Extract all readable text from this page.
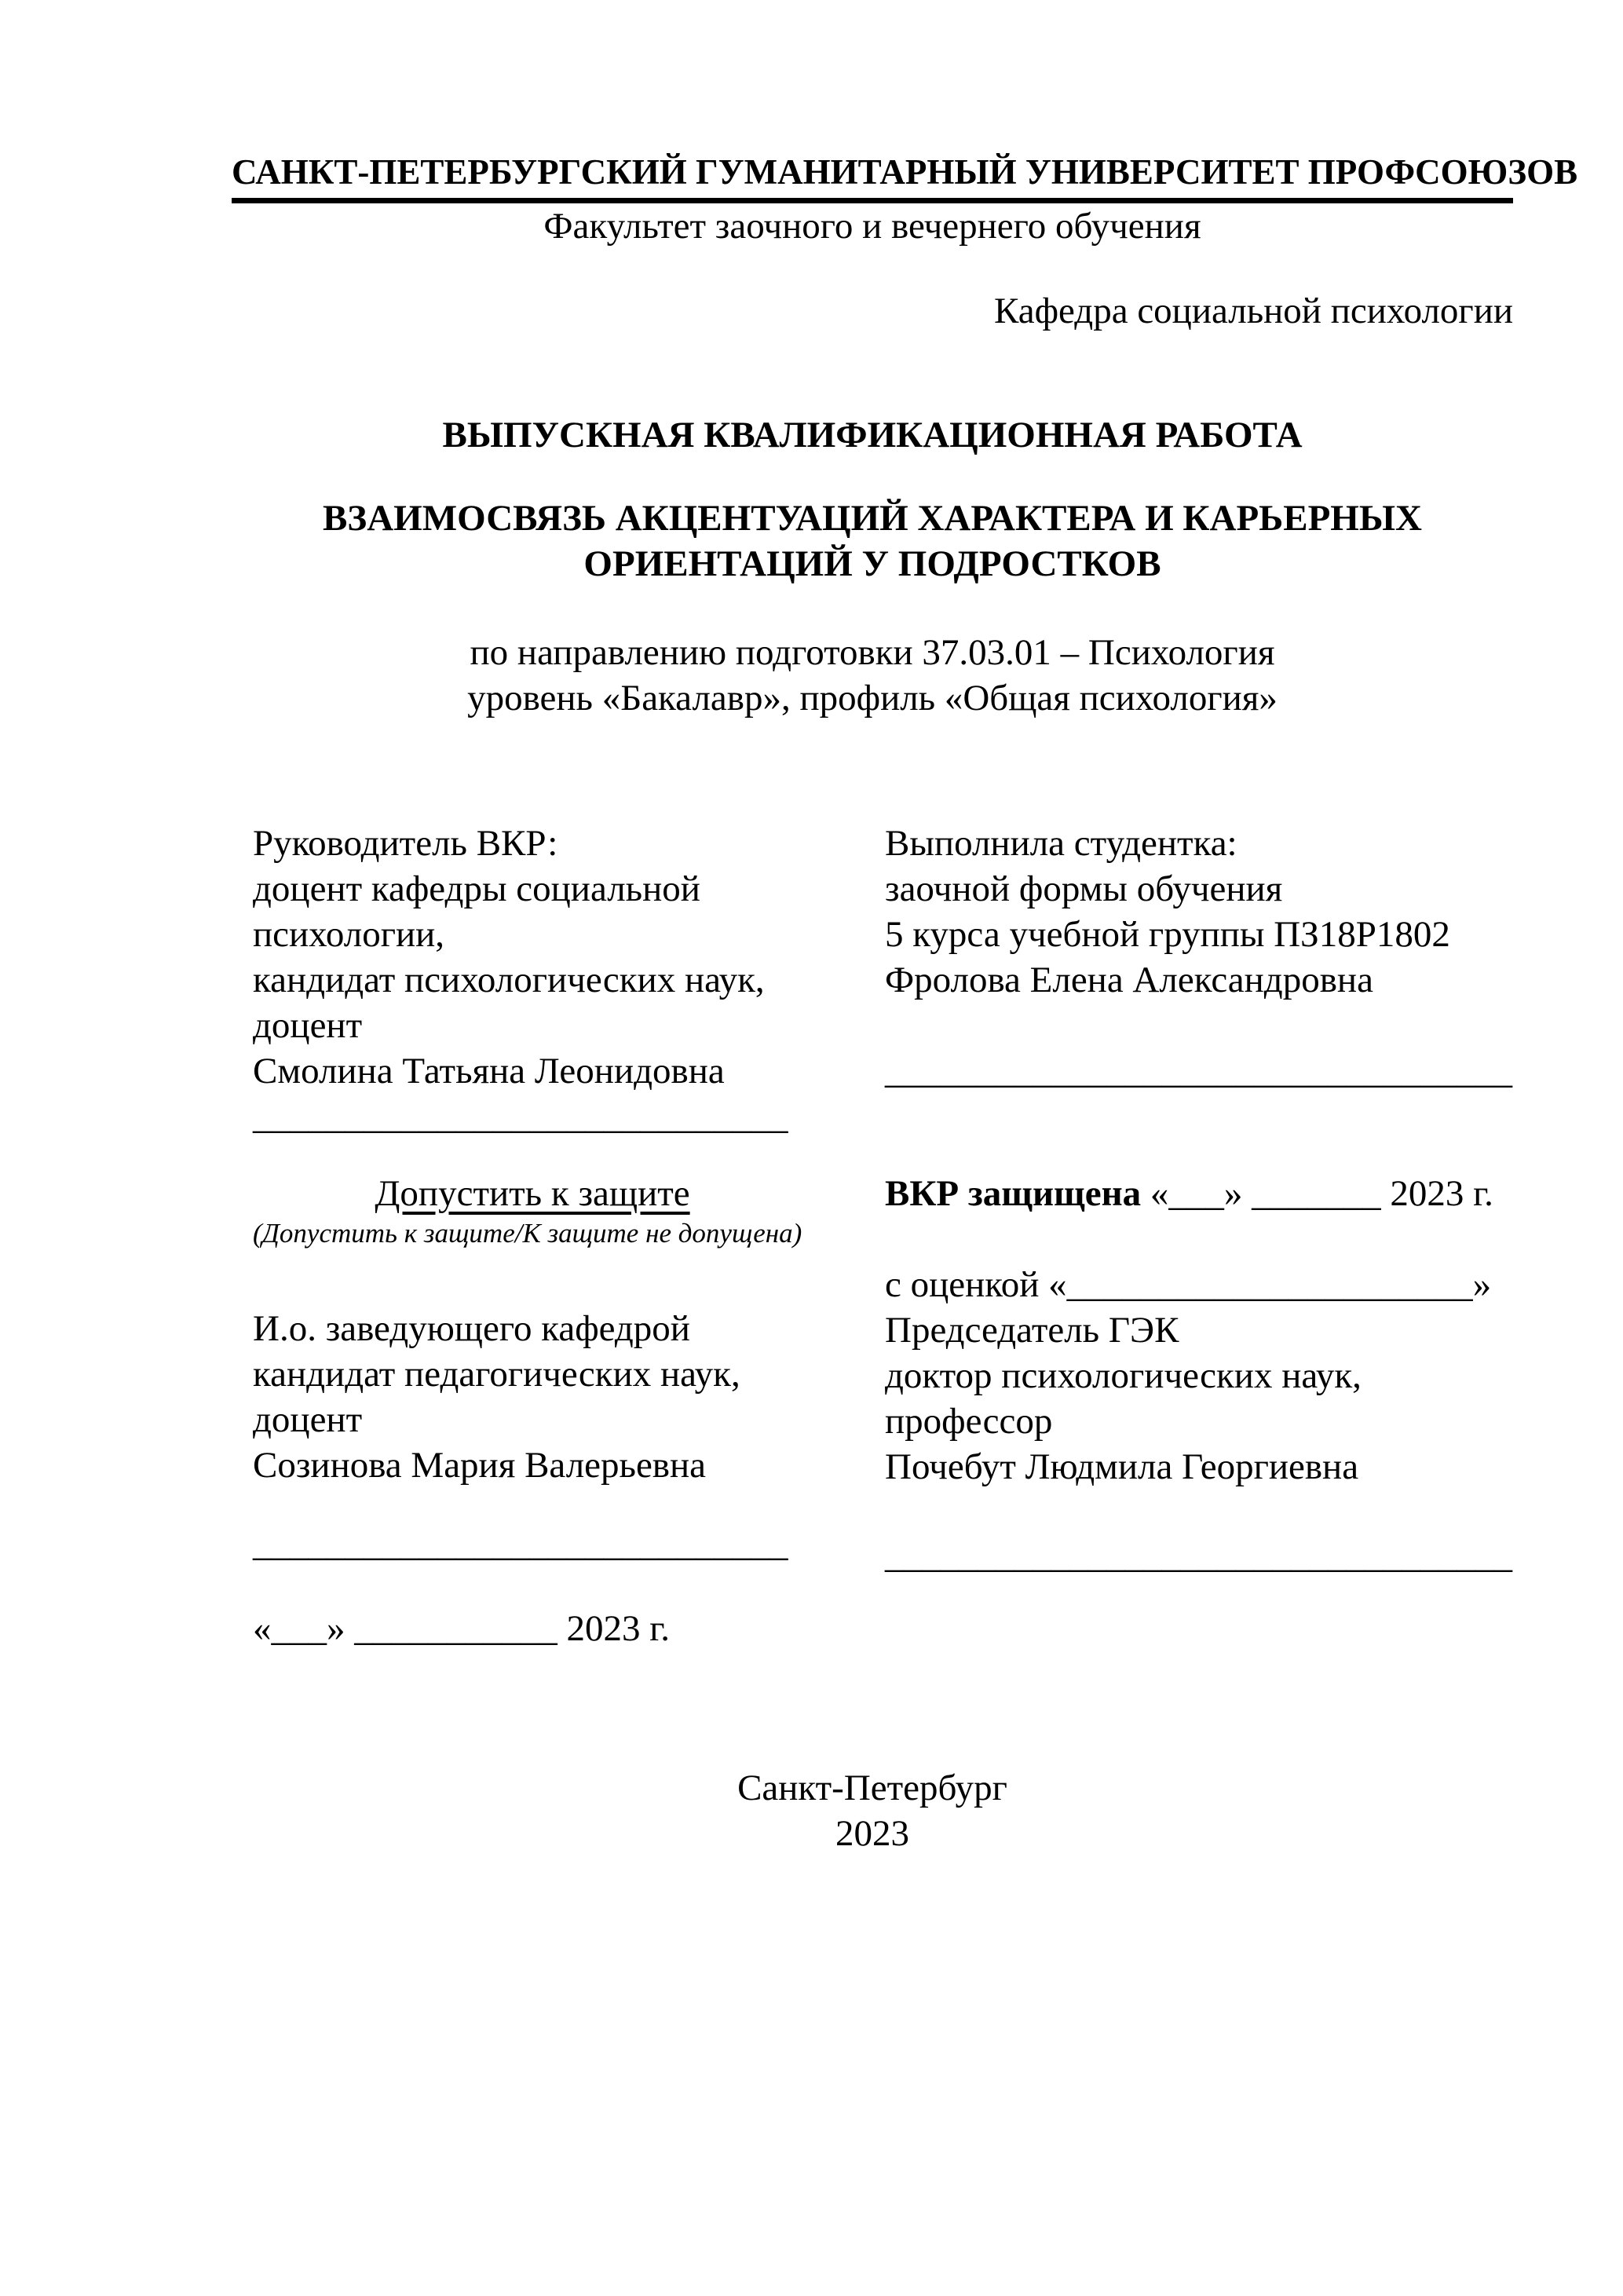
САНКТ-ПЕТЕРБУРГСКИЙ ГУМАНИТАРНЫЙ УНИВЕРСИТЕТ ПРОФСОЮЗОВ
Факультет заочного и вечернего обучения
Кафедра социальной психологии
ВЫПУСКНАЯ КВАЛИФИКАЦИОННАЯ РАБОТА
ВЗАИМОСВЯЗЬ АКЦЕНТУАЦИЙ ХАРАКТЕРА И КАРЬЕРНЫХ
ОРИЕНТАЦИЙ У ПОДРОСТКОВ
по направлению подготовки 37.03.01 – Психология
уровень «Бакалавр», профиль «Общая психология»
Руководитель ВКР:
доцент кафедры социальной
психологии,
кандидат психологических наук,
доцент
Смолина Татьяна Леонидовна
_____________________________
Выполнила студентка:
заочной формы обучения
5 курса учебной группы ПЗ18Р1802
Фролова Елена Александровна
__________________________________
Допустить к защите
(Допустить к защите/К защите не допущена)
И.о. заведующего кафедрой
кандидат педагогических наук,
доцент
Созинова Мария Валерьевна
_____________________________
«___» ___________ 2023 г.
ВКР защищена «___» _______ 2023 г.
с оценкой «______________________»
Председатель ГЭК
доктор психологических наук,
профессор
Почебут Людмила Георгиевна
__________________________________
Санкт-Петербург
2023
